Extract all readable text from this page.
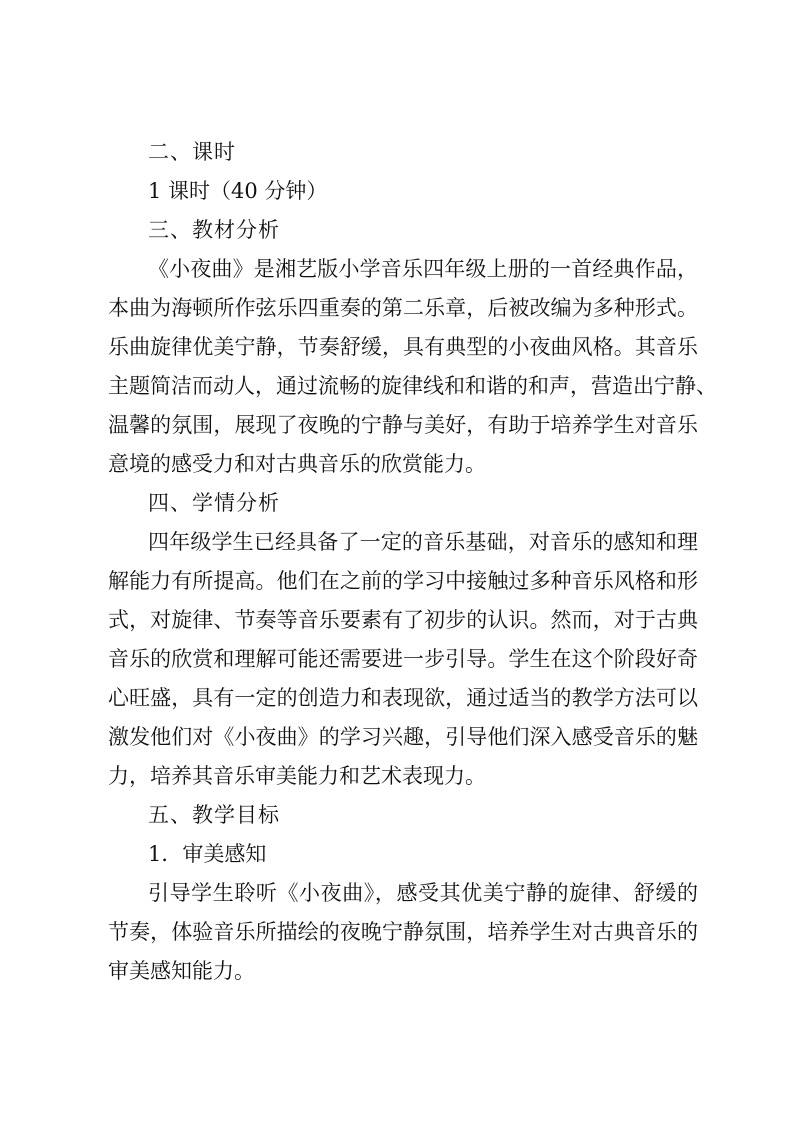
二、课时
1 课时（40 分钟）
三、教材分析
《小夜曲》是湘艺版小学音乐四年级上册的一首经典作品，
本曲为海顿所作弦乐四重奏的第二乐章，后被改编为多种形式。
乐曲旋律优美宁静，节奏舒缓，具有典型的小夜曲风格。其音乐
主题简洁而动人，通过流畅的旋律线和和谐的和声，营造出宁静、
温馨的氛围，展现了夜晚的宁静与美好，有助于培养学生对音乐
意境的感受力和对古典音乐的欣赏能力。
四、学情分析
四年级学生已经具备了一定的音乐基础，对音乐的感知和理
解能力有所提高。他们在之前的学习中接触过多种音乐风格和形
式，对旋律、节奏等音乐要素有了初步的认识。然而，对于古典
音乐的欣赏和理解可能还需要进一步引导。学生在这个阶段好奇
心旺盛，具有一定的创造力和表现欲，通过适当的教学方法可以
激发他们对《小夜曲》的学习兴趣，引导他们深入感受音乐的魅
力，培养其音乐审美能力和艺术表现力。
五、教学目标
1．审美感知
引导学生聆听《小夜曲》，感受其优美宁静的旋律、舒缓的
节奏，体验音乐所描绘的夜晚宁静氛围，培养学生对古典音乐的
审美感知能力。
